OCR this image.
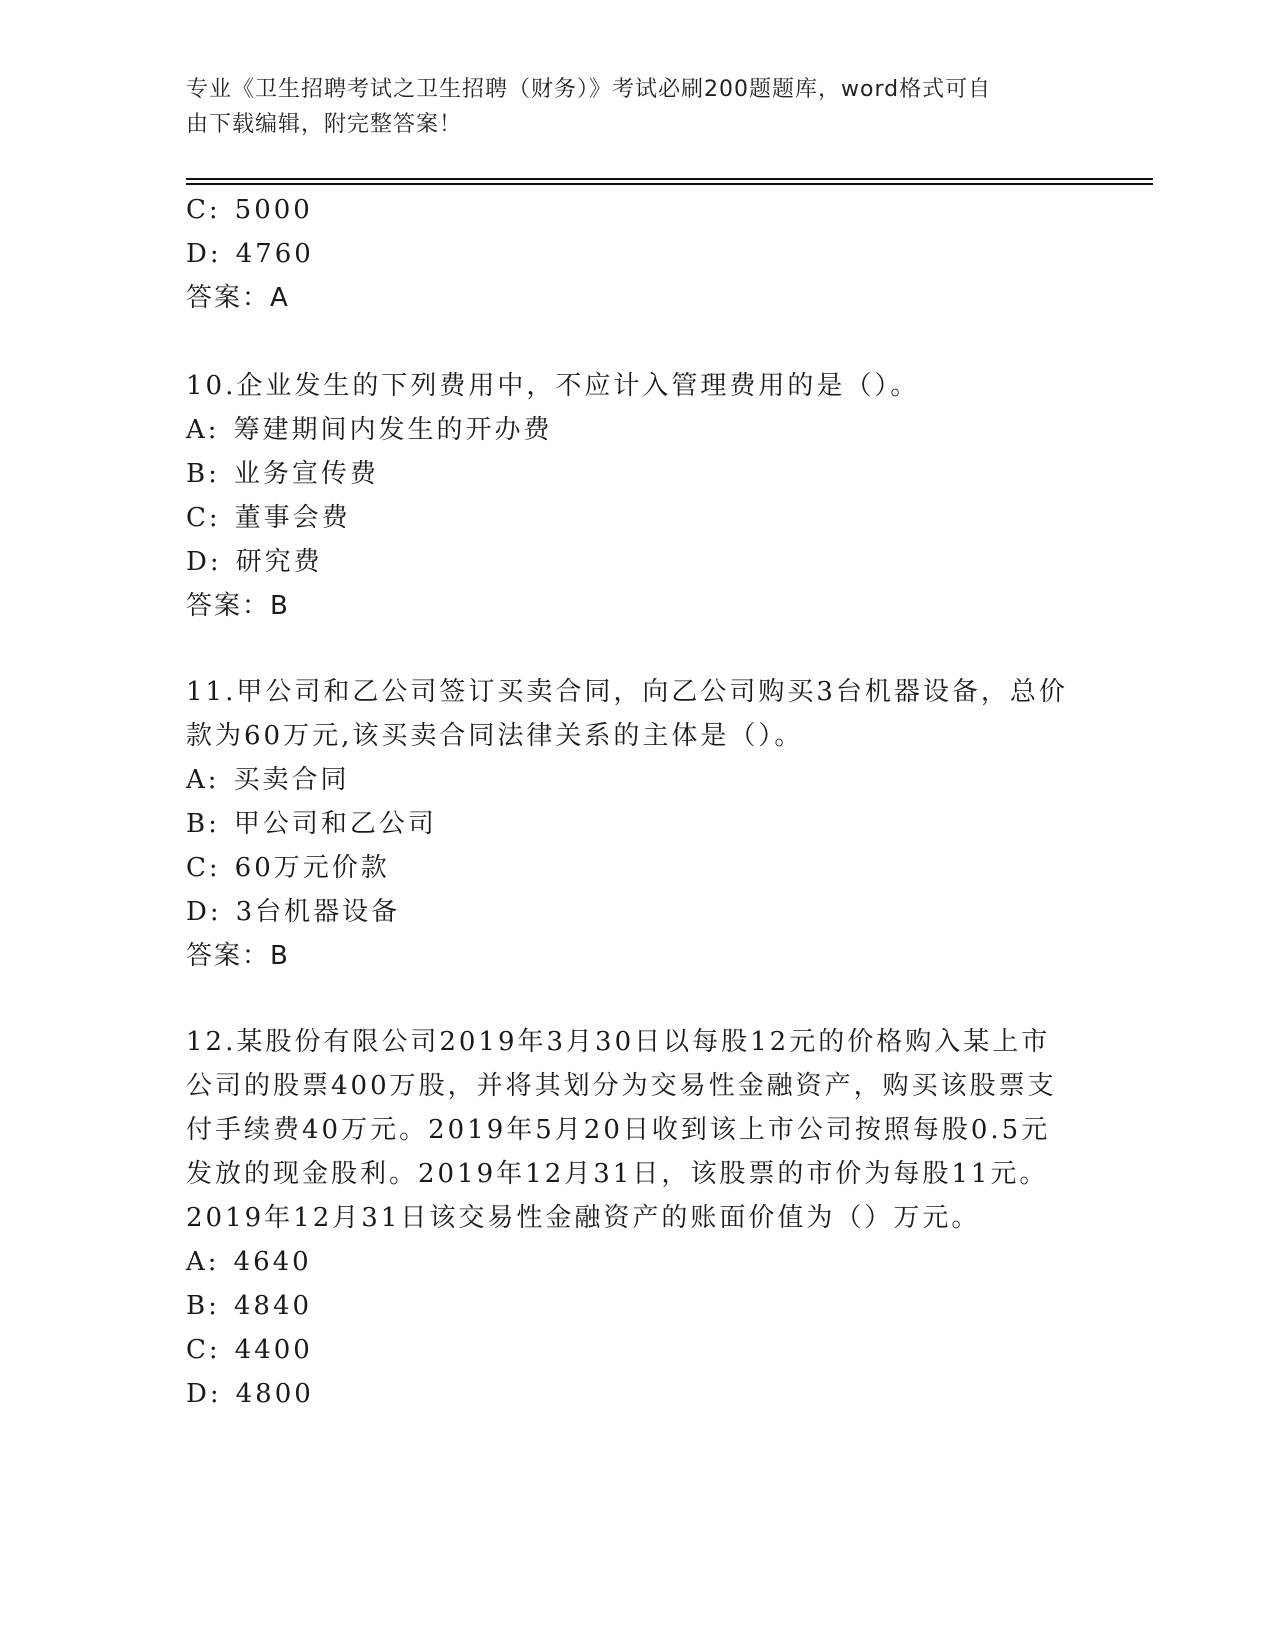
专业《卫生招聘考试之卫生招聘（财务）》考试必刷200题题库，word格式可自
由下载编辑，附完整答案！
C: 5000
D: 4760
答案：A
10.企业发生的下列费用中，不应计入管理费用的是（）。
A: 筹建期间内发生的开办费
B: 业务宣传费
C: 董事会费
D: 研究费
答案：B
11.甲公司和乙公司签订买卖合同，向乙公司购买3台机器设备，总价
款为60万元,该买卖合同法律关系的主体是（）。
A: 买卖合同
B: 甲公司和乙公司
C: 60万元价款
D: 3台机器设备
答案：B
12.某股份有限公司2019年3月30日以每股12元的价格购入某上市
公司的股票400万股，并将其划分为交易性金融资产，购买该股票支
付手续费40万元。2019年5月20日收到该上市公司按照每股0.5元
发放的现金股利。2019年12月31日，该股票的市价为每股11元。
2019年12月31日该交易性金融资产的账面价值为（）万元。
A: 4640
B: 4840
C: 4400
D: 4800
